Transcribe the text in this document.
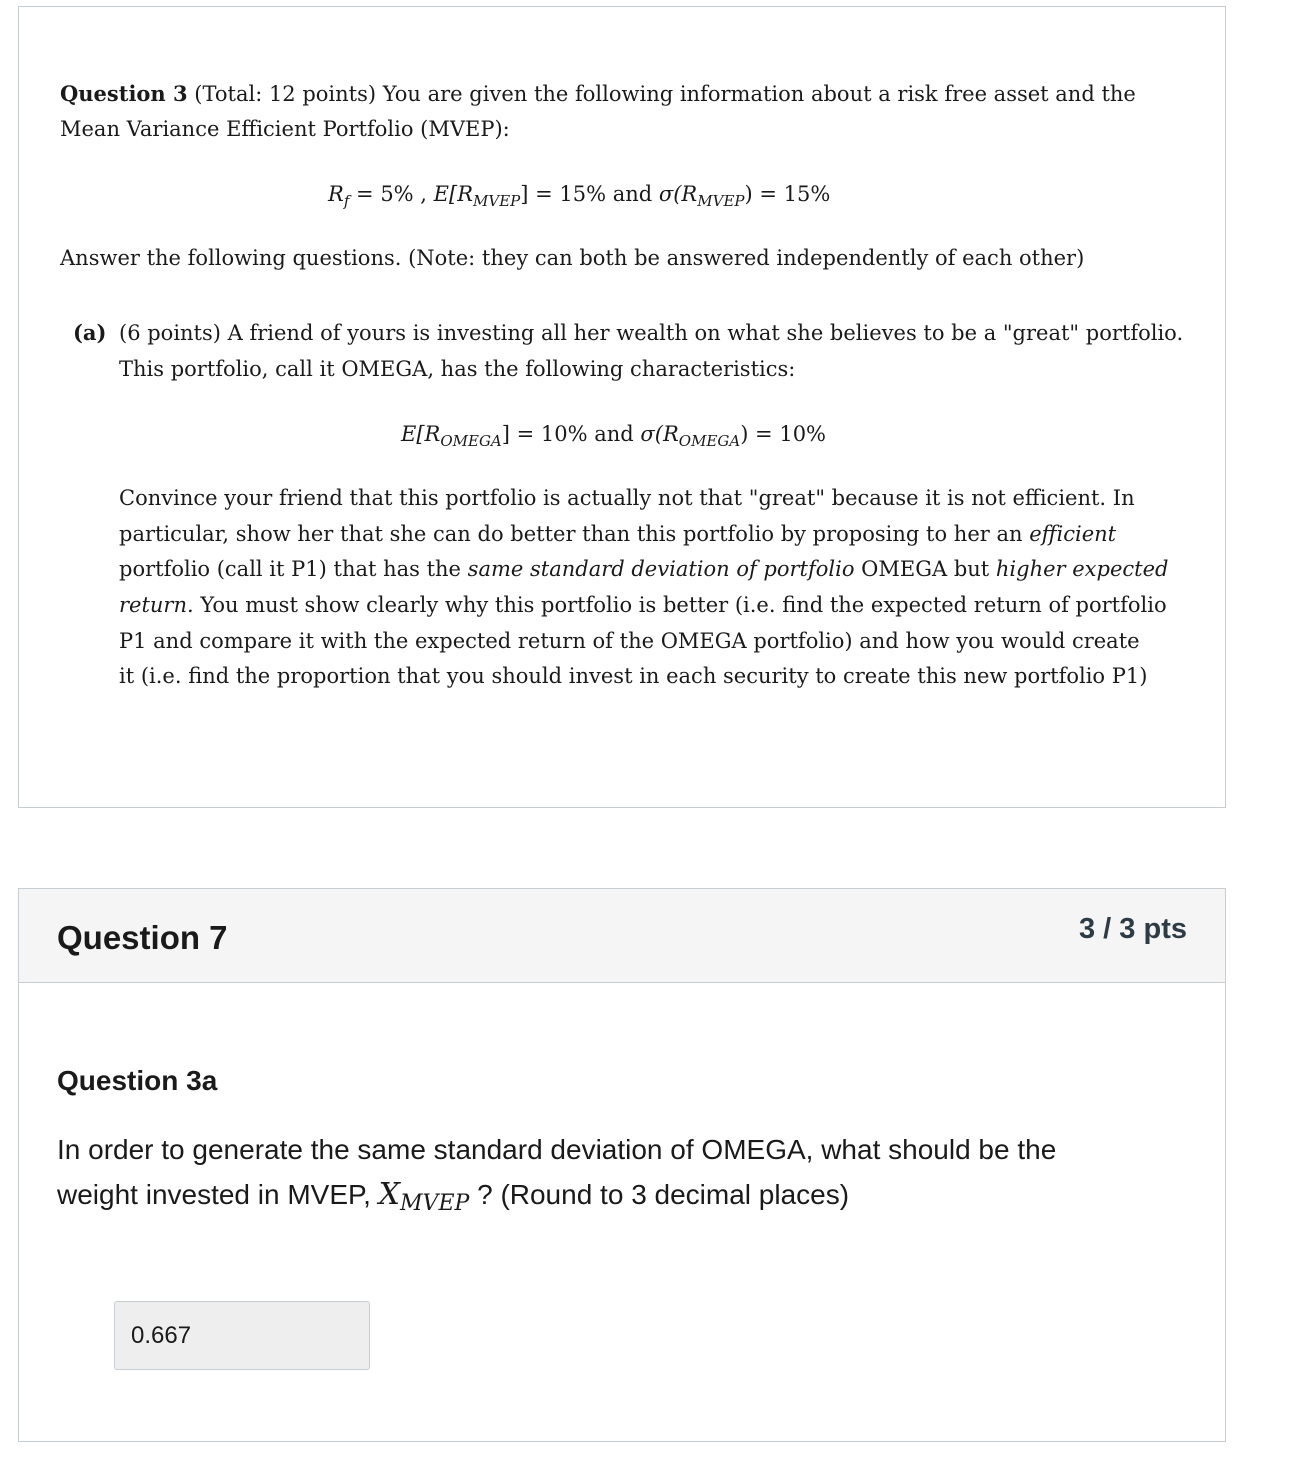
Question 3 (Total: 12 points) You are given the following information about a risk free asset and the
Mean Variance Efficient Portfolio (MVEP):
$R_f = 5\%$ , $E[R_{MVEP}] = 15\%$ and $\sigma(R_{MVEP}) = 15\%$
Answer the following questions. (Note: they can both be answered independently of each other)
(a) (6 points) A friend of yours is investing all her wealth on what she believes to be a "great" portfolio.
This portfolio, call it OMEGA, has the following characteristics:
$E[R_{OMEGA}] = 10\%$ and $\sigma(R_{OMEGA}) = 10\%$
Convince your friend that this portfolio is actually not that "great" because it is not efficient. In
particular, show her that she can do better than this portfolio by proposing to her an efficient
portfolio (call it P1) that has the same standard deviation of portfolio OMEGA but higher expected
return. You must show clearly why this portfolio is better (i.e. find the expected return of portfolio
P1 and compare it with the expected return of the OMEGA portfolio) and how you would create
it (i.e. find the proportion that you should invest in each security to create this new portfolio P1)
Question 7	3 / 3 pts
Question 3a
In order to generate the same standard deviation of OMEGA, what should be the
weight invested in MVEP, $X_{MVEP}$ ? (Round to 3 decimal places)
0.667
